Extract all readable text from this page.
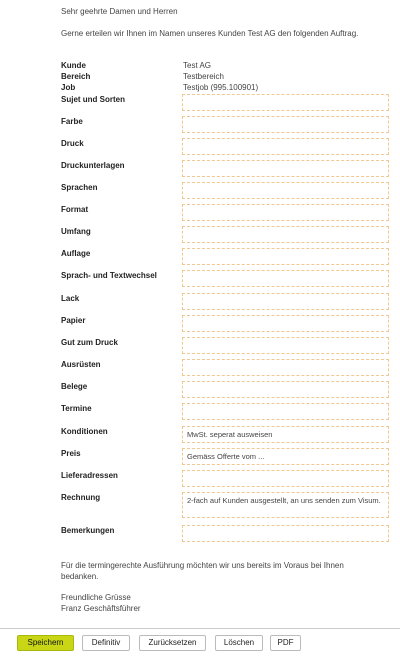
Sehr geehrte Damen und Herren
Gerne erteilen wir Ihnen im Namen unseres Kunden Test AG den folgenden Auftrag.
Kunde	Test AG
Bereich	Testbereich
Job	Testjob (995.100901)
Sujet und Sorten
Farbe
Druck
Druckunterlagen
Sprachen
Format
Umfang
Auflage
Sprach- und Textwechsel
Lack
Papier
Gut zum Druck
Ausrüsten
Belege
Termine
Konditionen	MwSt. seperat ausweisen
Preis	Gemäss Offerte vom ...
Lieferadressen
Rechnung	2-fach auf Kunden ausgestellt, an uns senden zum Visum.
Bemerkungen
Für die termingerechte Ausführung möchten wir uns bereits im Voraus bei Ihnen bedanken.
Freundliche Grüsse
Franz Geschäftsführer
Speichern	Definitiv	Zurücksetzen	Löschen	PDF
